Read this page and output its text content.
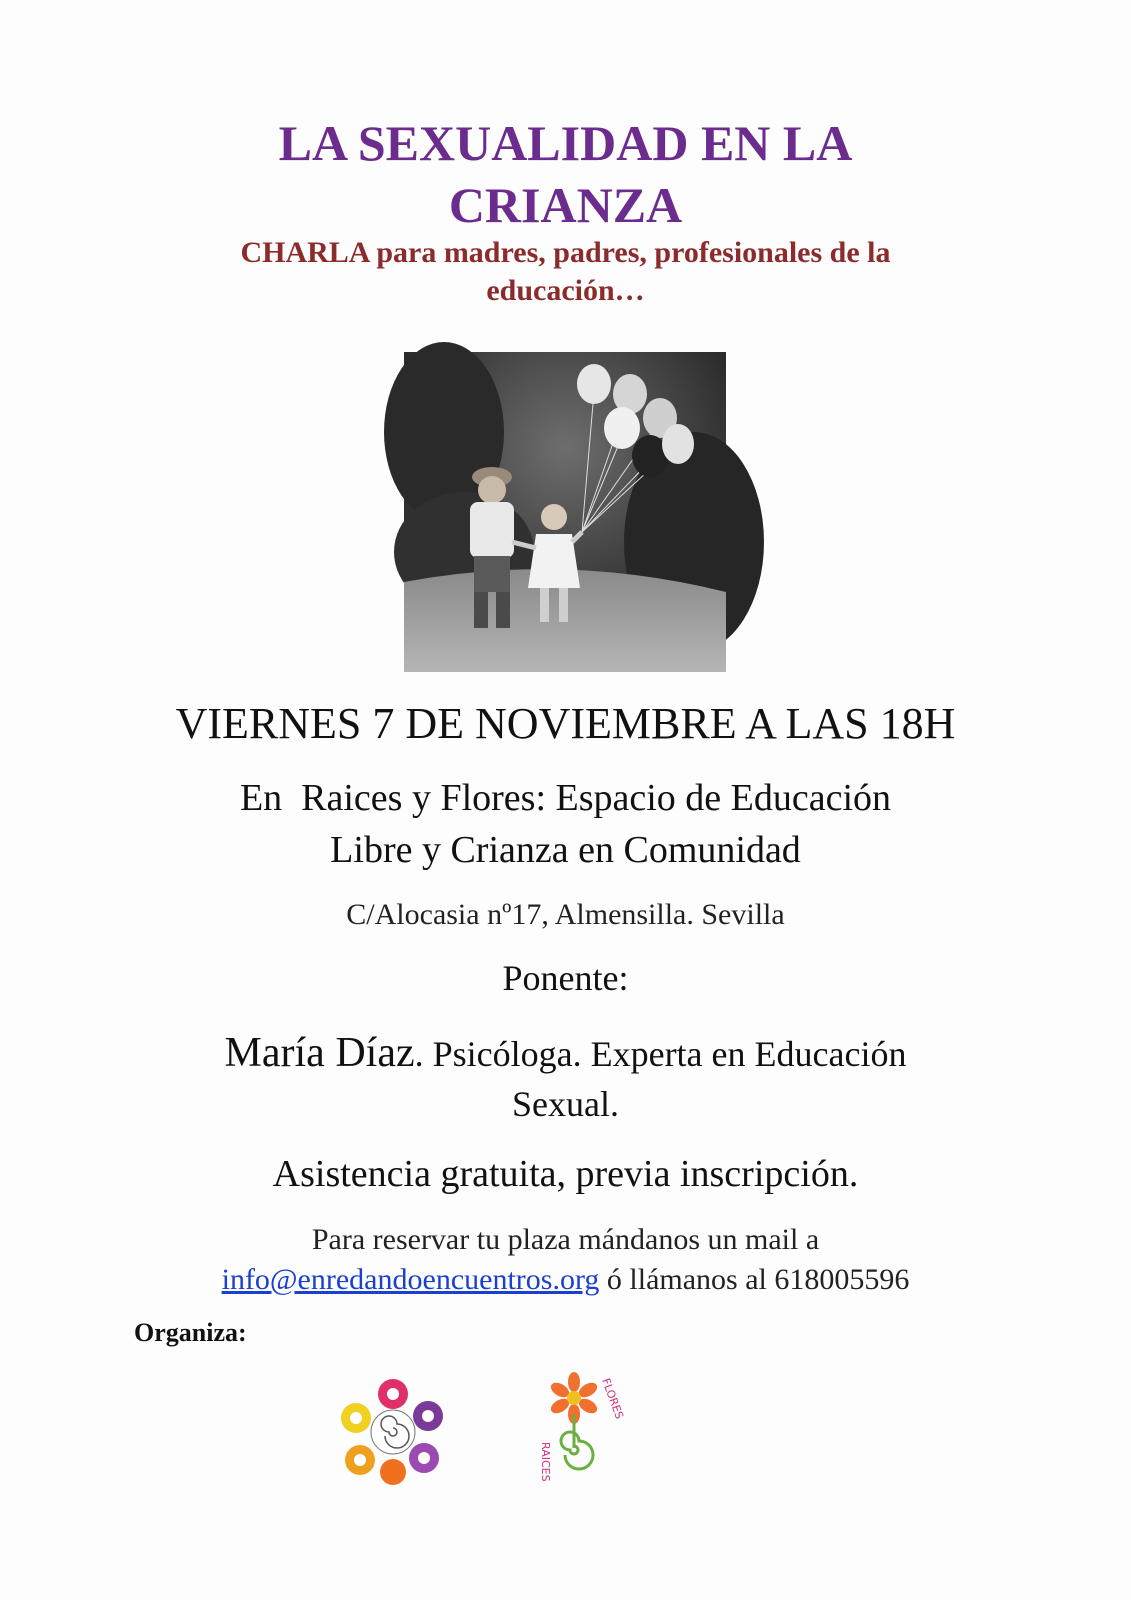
LA SEXUALIDAD EN LA
CRIANZA
CHARLA para madres, padres, profesionales de la
educación…
VIERNES 7 DE NOVIEMBRE A LAS 18H
En  Raices y Flores: Espacio de Educación
Libre y Crianza en Comunidad
C/Alocasia nº17, Almensilla. Sevilla
Ponente:
María Díaz. Psicóloga. Experta en Educación
Sexual.
Asistencia gratuita, previa inscripción.
Para reservar tu plaza mándanos un mail a
info@enredandoencuentros.org ó llámanos al 618005596
Organiza:
FLORES
RAICES
